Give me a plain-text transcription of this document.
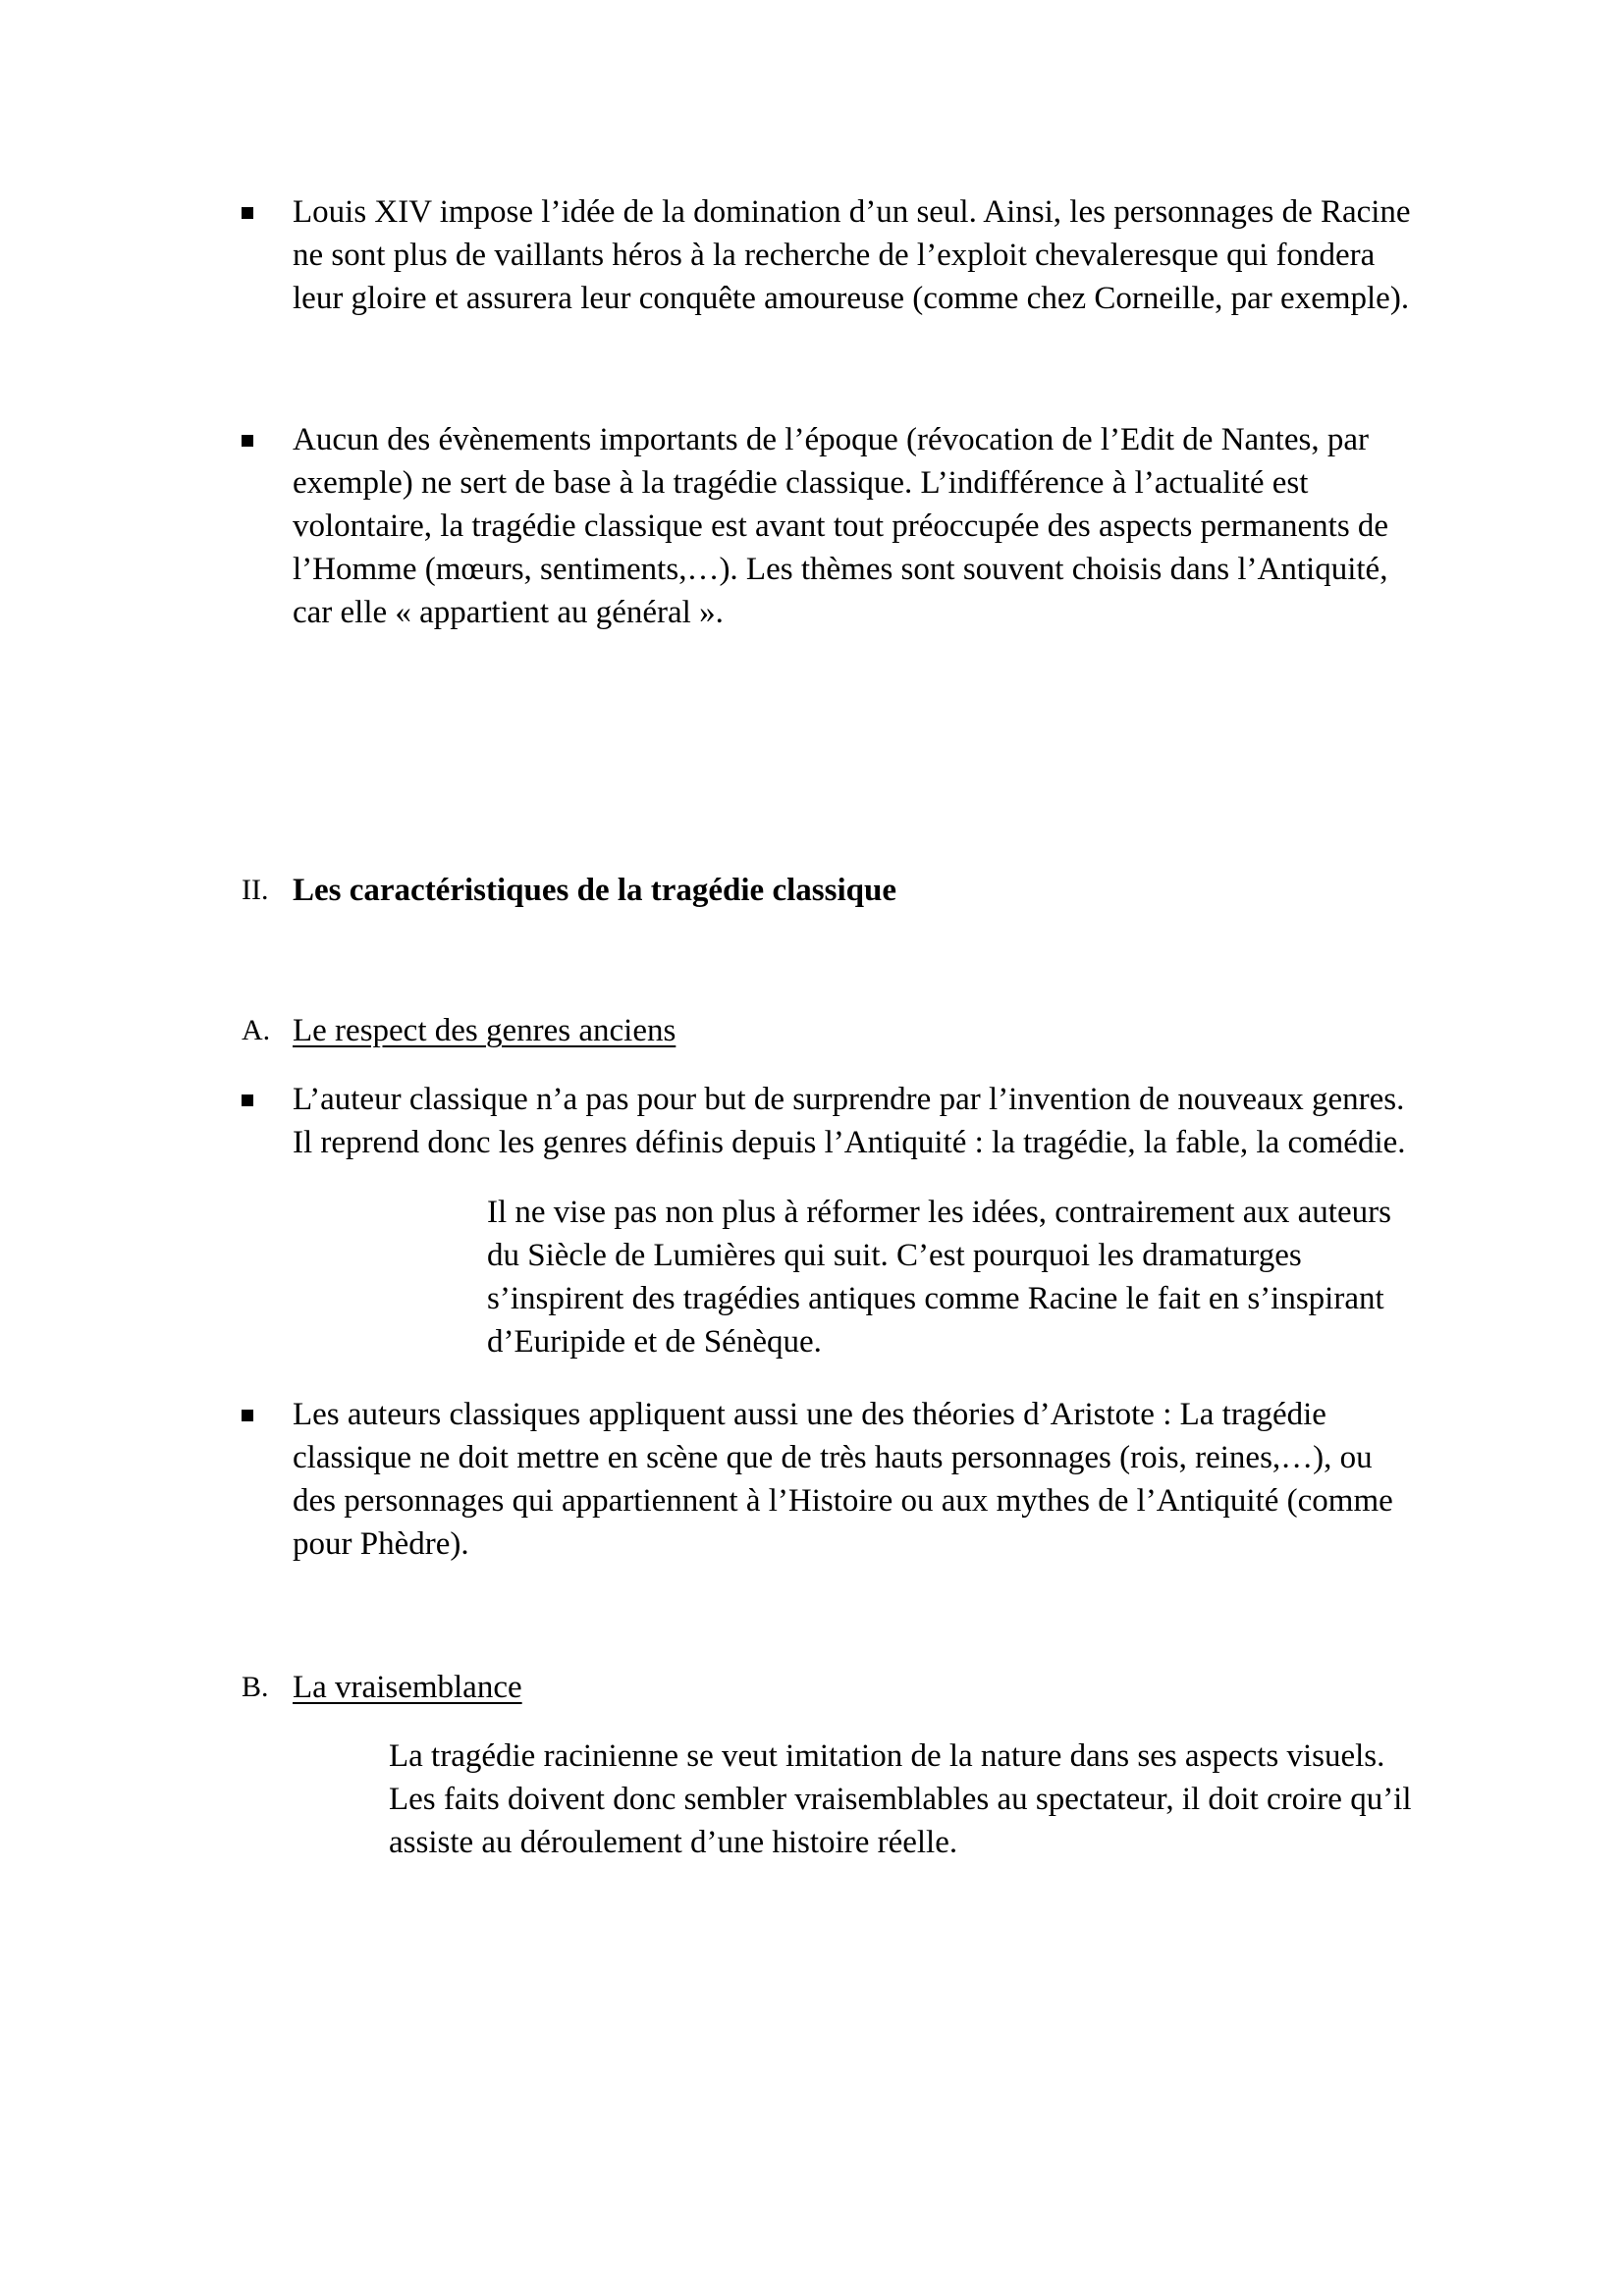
Louis XIV impose l’idée de la domination d’un seul. Ainsi, les personnages de Racine
ne sont plus de vaillants héros à la recherche de l’exploit chevaleresque qui fondera
leur gloire et assurera leur conquête amoureuse (comme chez Corneille, par exemple).
Aucun des évènements importants de l’époque (révocation de l’Edit de Nantes, par
exemple) ne sert de base à la tragédie classique. L’indifférence à l’actualité est
volontaire, la tragédie classique est avant tout préoccupée des aspects permanents de
l’Homme (mœurs, sentiments,…). Les thèmes sont souvent choisis dans l’Antiquité,
car elle « appartient au général ».
II. Les caractéristiques de la tragédie classique
A. Le respect des genres anciens
L’auteur classique n’a pas pour but de surprendre par l’invention de nouveaux genres.
Il reprend donc les genres définis depuis l’Antiquité : la tragédie, la fable, la comédie.
Il ne vise pas non plus à réformer les idées, contrairement aux auteurs
du Siècle de Lumières qui suit. C’est pourquoi les dramaturges
s’inspirent des tragédies antiques comme Racine le fait en s’inspirant
d’Euripide et de Sénèque.
Les auteurs classiques appliquent aussi une des théories d’Aristote : La tragédie
classique ne doit mettre en scène que de très hauts personnages (rois, reines,…), ou
des personnages qui appartiennent à l’Histoire ou aux mythes de l’Antiquité (comme
pour Phèdre).
B. La vraisemblance
La tragédie racinienne se veut imitation de la nature dans ses aspects visuels.
Les faits doivent donc sembler vraisemblables au spectateur, il doit croire qu’il
assiste au déroulement d’une histoire réelle.
